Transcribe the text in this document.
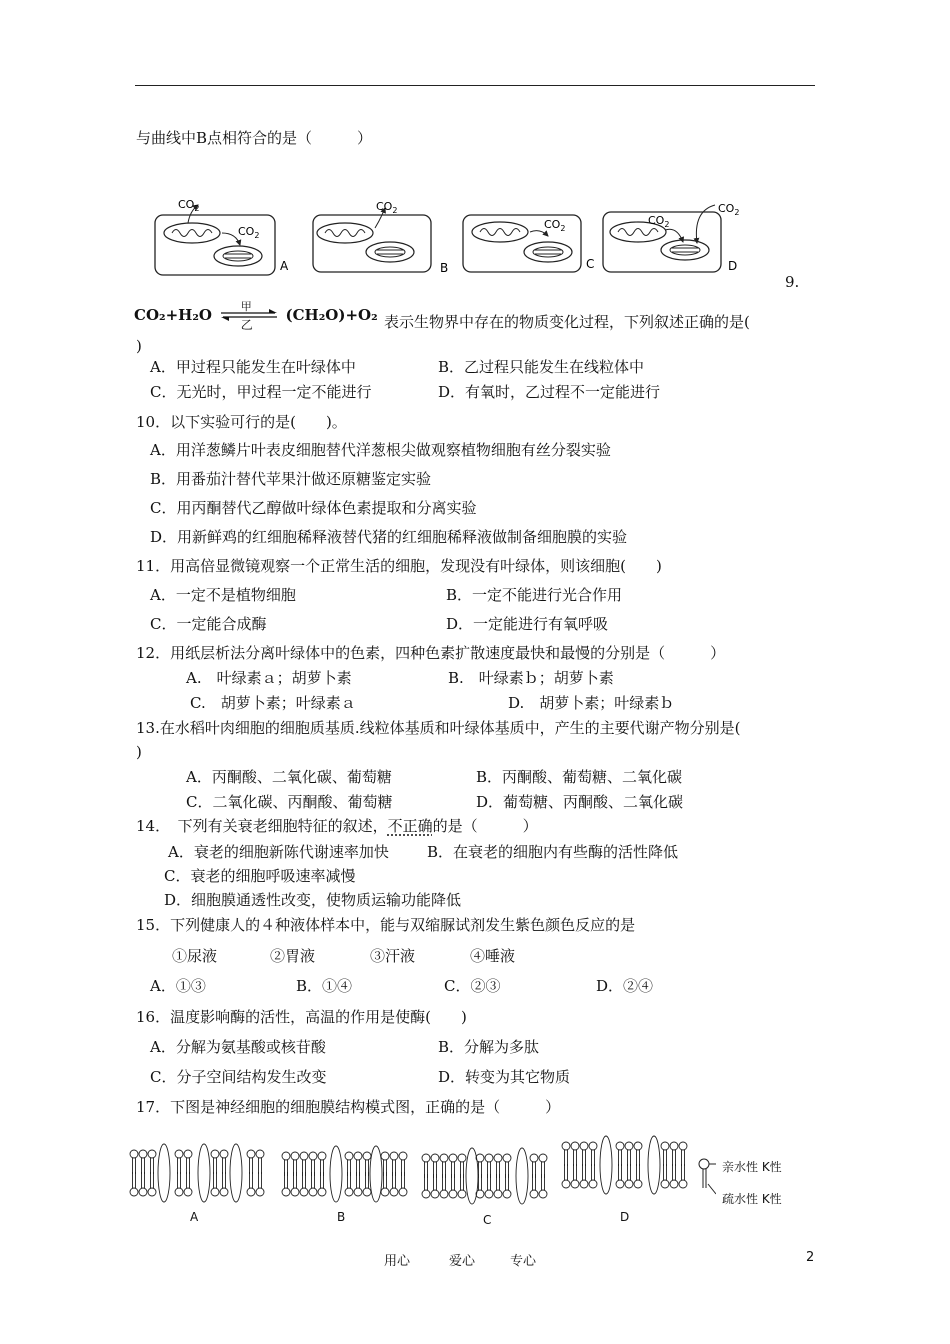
与曲线中B点相符合的是（　　　）
$CO_2$
$CO_2$
A
$CO_2$
B
$CO_2$
C
$CO_2$
$CO_2$
D
9.
CO₂+H₂O	甲
乙
(CH₂O)+O₂ 表示生物界中存在的物质变化过程，下列叙述正确的是(
)
A．甲过程只能发生在叶绿体中	B．乙过程只能发生在线粒体中
C．无光时，甲过程一定不能进行	D．有氧时，乙过程不一定能进行
10．以下实验可行的是(　　)。
A．用洋葱鳞片叶表皮细胞替代洋葱根尖做观察植物细胞有丝分裂实验
B．用番茄汁替代苹果汁做还原糖鉴定实验
C．用丙酮替代乙醇做叶绿体色素提取和分离实验
D．用新鲜鸡的红细胞稀释液替代猪的红细胞稀释液做制备细胞膜的实验
11．用高倍显微镜观察一个正常生活的细胞，发现没有叶绿体，则该细胞(　　)
A．一定不是植物细胞	B．一定不能进行光合作用
C．一定能合成酶	D．一定能进行有氧呼吸
12．用纸层析法分离叶绿体中的色素，四种色素扩散速度最快和最慢的分别是（　　　）
A.　叶绿素ａ；胡萝卜素	B.　叶绿素ｂ；胡萝卜素
C.　胡萝卜素；叶绿素ａ	D.　胡萝卜素；叶绿素ｂ
13.在水稻叶肉细胞的细胞质基质.线粒体基质和叶绿体基质中，产生的主要代谢产物分别是(
)
A．丙酮酸、二氧化碳、葡萄糖	B．丙酮酸、葡萄糖、二氧化碳
C．二氧化碳、丙酮酸、葡萄糖	D．葡萄糖、丙酮酸、二氧化碳
14．　下列有关衰老细胞特征的叙述，不正确的是（　　　）
A．衰老的细胞新陈代谢速率加快	B．在衰老的细胞内有些酶的活性降低
C．衰老的细胞呼吸速率减慢
D．细胞膜通透性改变，使物质运输功能降低
15．下列健康人的４种液体样本中，能与双缩脲试剂发生紫色颜色反应的是
①尿液	②胃液	③汗液	④唾液
A．①③	B．①④	C．②③	D．②④
16．温度影响酶的活性，高温的作用是使酶(　　)
A．分解为氨基酸或核苷酸	B．分解为多肽
C．分子空间结构发生改变	D．转变为其它物质
17．下图是神经细胞的细胞膜结构模式图，正确的是（　　　）
亲水性 K性
疏水性 K性
A	B	C	D
用心	爱心	专心	2
